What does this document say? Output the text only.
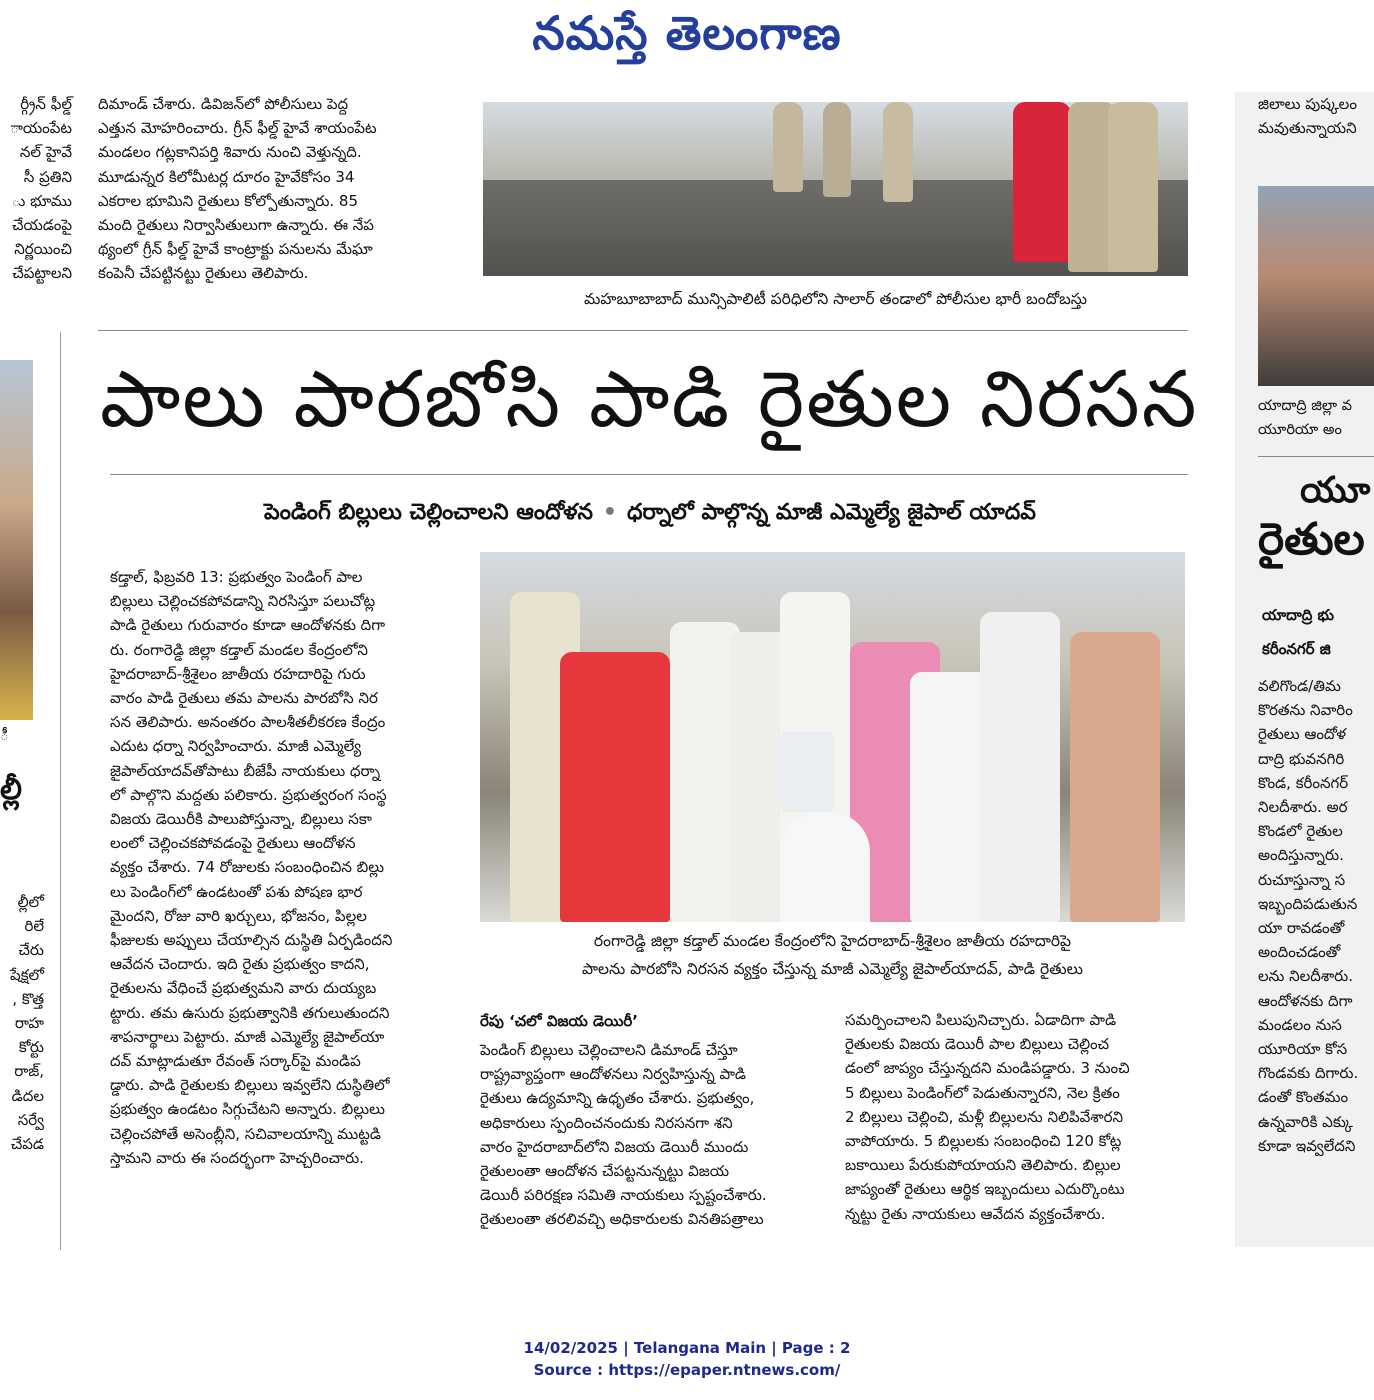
నమస్తే తెలంగాణ
ర్గ్రీన్ ఫీల్డ్
ాయంపేట
నల్ హైవే
సీ ప్రతిని
ు భూము
చేయడంపై
నిర్ణయించి
చేపట్టాలని
ీ
ల్లీ
ల్లీలో
రిలే
చేరు
షేక్షలో
, కొత్త
రాహ
కోర్టు
రాజ్,
డిదల
సర్వే
చేపడ
దిమాండ్ చేశారు. డివిజన్‌లో పోలీసులు పెద్ద
ఎత్తున మోహరించారు. గ్రీన్ ఫీల్డ్ హైవే శాయంపేట
మండలం గట్లకానిపర్తి శివారు నుంచి వెళ్తున్నది.
మూడున్నర కిలోమీటర్ల దూరం హైవేకోసం 34
ఎకరాల భూమిని రైతులు కోల్పోతున్నారు. 85
మంది రైతులు నిర్వాసితులుగా ఉన్నారు. ఈ నేప
థ్యంలో గ్రీన్ ఫీల్డ్ హైవే కాంట్రాక్టు పనులను మేఘా
కంపెనీ చేపట్టినట్టు రైతులు తెలిపారు.
మహబూబాబాద్ మున్సిపాలిటీ పరిధిలోని సాలార్ తండాలో పోలీసుల భారీ బందోబస్తు
పాలు పారబోసి పాడి రైతుల నిరసన
పెండింగ్ బిల్లులు చెల్లించాలని ఆందోళన • ధర్నాలో పాల్గొన్న మాజీ ఎమ్మెల్యే జైపాల్ యాదవ్
కడ్తాల్, ఫిబ్రవరి 13: ప్రభుత్వం పెండింగ్ పాల
బిల్లులు చెల్లించకపోవడాన్ని నిరసిస్తూ పలుచోట్ల
పాడి రైతులు గురువారం కూడా ఆందోళనకు దిగా
రు. రంగారెడ్డి జిల్లా కడ్తాల్ మండల కేంద్రంలోని
హైదరాబాద్-శ్రీశైలం జాతీయ రహదారిపై గురు
వారం పాడి రైతులు తమ పాలను పారబోసి నిర
సన తెలిపారు. అనంతరం పాలశీతలీకరణ కేంద్రం
ఎదుట ధర్నా నిర్వహించారు. మాజీ ఎమ్మెల్యే
జైపాల్‌యాదవ్‌తోపాటు బీజేపీ నాయకులు ధర్నా
లో పాల్గొని మద్దతు పలికారు. ప్రభుత్వరంగ సంస్థ
విజయ డెయిరీకి పాలుపోస్తున్నా, బిల్లులు సకా
లంలో చెల్లించకపోవడంపై రైతులు ఆందోళన
వ్యక్తం చేశారు. 74 రోజులకు సంబంధించిన బిల్లు
లు పెండింగ్‌లో ఉండటంతో పశు పోషణ భార
మైందని, రోజు వారి ఖర్చులు, భోజనం, పిల్లల
ఫీజులకు అప్పులు చేయాల్సిన దుస్థితి ఏర్పడిందని
ఆవేదన చెందారు. ఇది రైతు ప్రభుత్వం కాదని,
రైతులను వేధించే ప్రభుత్వమని వారు దుయ్యబ
ట్టారు. తమ ఉసురు ప్రభుత్వానికి తగులుతుందని
శాపనార్థాలు పెట్టారు. మాజీ ఎమ్మెల్యే జైపాల్‌యా
దవ్ మాట్లాడుతూ రేవంత్ సర్కార్‌పై మండిప
డ్డారు. పాడి రైతులకు బిల్లులు ఇవ్వలేని దుస్థితిలో
ప్రభుత్వం ఉండటం సిగ్గుచేటని అన్నారు. బిల్లులు
చెల్లించపోతే అసెంబ్లీని, సచివాలయాన్ని ముట్టడి
స్తామని వారు ఈ సందర్భంగా హెచ్చరించారు.
రంగారెడ్డి జిల్లా కడ్తాల్ మండల కేంద్రంలోని హైదరాబాద్-శ్రీశైలం జాతీయ రహదారిపై
పాలను పారబోసి నిరసన వ్యక్తం చేస్తున్న మాజీ ఎమ్మెల్యే జైపాల్‌యాదవ్, పాడి రైతులు
రేపు ‘చలో విజయ డెయిరీ’
పెండింగ్ బిల్లులు చెల్లించాలని డిమాండ్ చేస్తూ
రాష్ట్రవ్యాప్తంగా ఆందోళనలు నిర్వహిస్తున్న పాడి
రైతులు ఉద్యమాన్ని ఉధృతం చేశారు. ప్రభుత్వం,
అధికారులు స్పందించనందుకు నిరసనగా శని
వారం హైదరాబాద్‌లోని విజయ డెయిరీ ముందు
రైతులంతా ఆందోళన చేపట్టనున్నట్టు విజయ
డెయిరీ పరిరక్షణ సమితి నాయకులు స్పష్టంచేశారు.
రైతులంతా తరలివచ్చి అధికారులకు వినతిపత్రాలు
సమర్పించాలని పిలుపునిచ్చారు. ఏడాదిగా పాడి
రైతులకు విజయ డెయిరీ పాల బిల్లులు చెల్లించ
డంలో జాప్యం చేస్తున్నదని మండిపడ్డారు. 3 నుంచి
5 బిల్లులు పెండింగ్‌లో పెడుతున్నారని, నెల క్రితం
2 బిల్లులు చెల్లించి, మళ్లీ బిల్లులను నిలిపివేశారని
వాపోయారు. 5 బిల్లులకు సంబంధించి 120 కోట్ల
బకాయిలు పేరుకుపోయాయని తెలిపారు. బిల్లుల
జాప్యంతో రైతులు ఆర్థిక ఇబ్బందులు ఎదుర్కొంటు
న్నట్టు రైతు నాయకులు ఆవేదన వ్యక్తంచేశారు.
జిలాలు పుష్కలం
మవుతున్నాయని
యాదాద్రి జిల్లా వ
యూరియా అం
యూ
రైతుల
యాదాద్రి భు
కరీంనగర్ జి
వలిగొండ/తిమ
కొరతను నివారిం
రైతులు ఆందోళ
దాద్రి భువనగిరి
కొండ, కరీంనగర్
నిలదీశారు. అర
కొండలో రైతుల
అందిస్తున్నారు.
రుచూస్తున్నా స
ఇబ్బందిపడుతున
యా రావడంతో
అందించడంతో
లను నిలదీశారు.
ఆందోళనకు దిగా
మండలం నుస
యూరియా కోస
గొండవకు దిగారు.
డంతో కొంతమం
ఉన్నవారికి ఎక్కు
కూడా ఇవ్వలేదని
14/02/2025 | Telangana Main | Page : 2
Source : https://epaper.ntnews.com/
